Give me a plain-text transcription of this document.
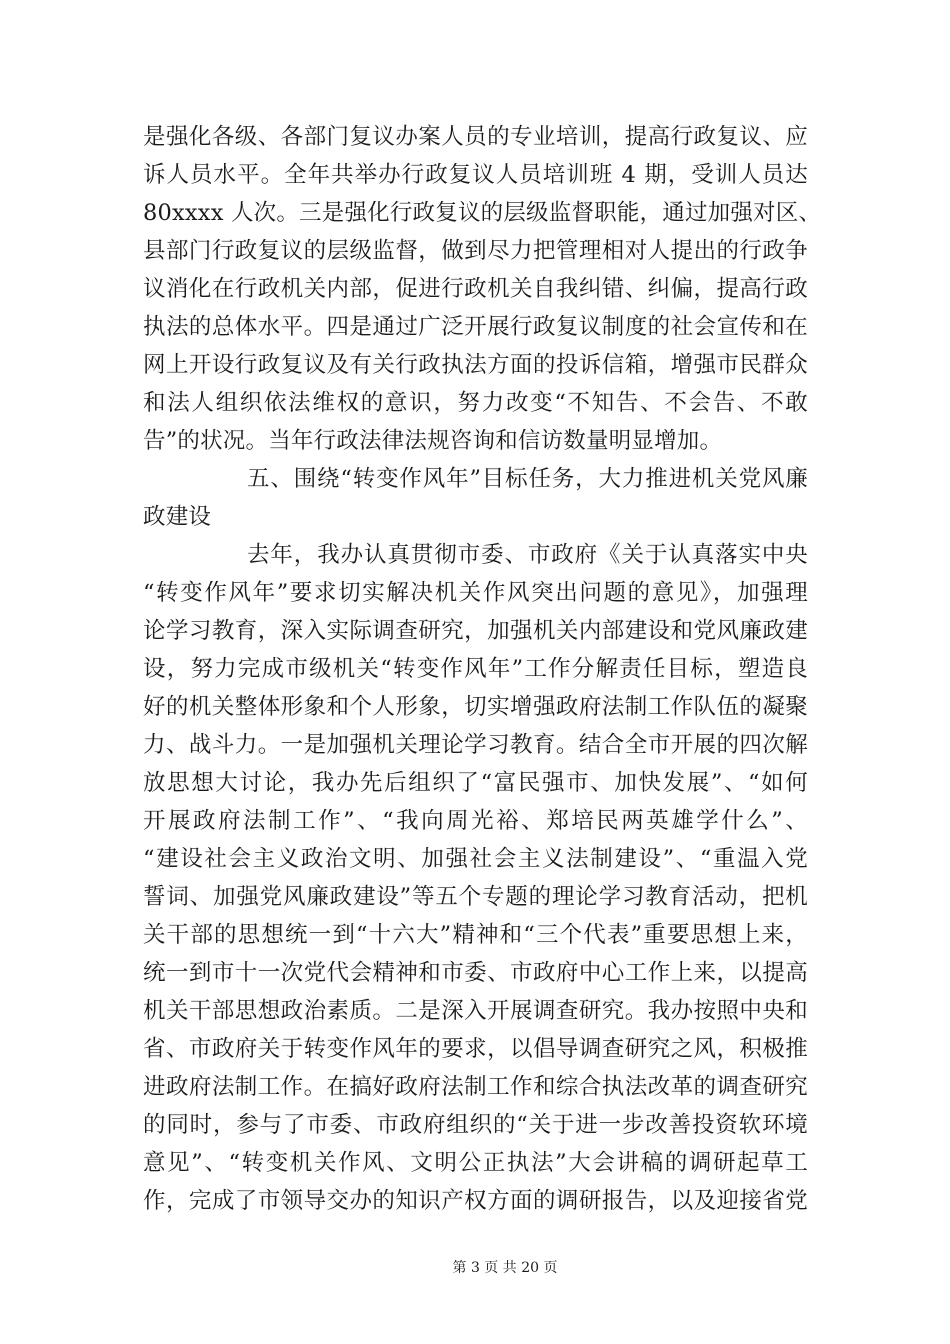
是强化各级、各部门复议办案人员的专业培训，提高行政复议、应
诉人员水平。全年共举办行政复议人员培训班 4 期，受训人员达
80xxxx 人次。三是强化行政复议的层级监督职能，通过加强对区、
县部门行政复议的层级监督，做到尽力把管理相对人提出的行政争
议消化在行政机关内部，促进行政机关自我纠错、纠偏，提高行政
执法的总体水平。四是通过广泛开展行政复议制度的社会宣传和在
网上开设行政复议及有关行政执法方面的投诉信箱，增强市民群众
和法人组织依法维权的意识，努力改变“不知告、不会告、不敢
告”的状况。当年行政法律法规咨询和信访数量明显增加。
五、围绕“转变作风年”目标任务，大力推进机关党风廉
政建设
去年，我办认真贯彻市委、市政府《关于认真落实中央
“转变作风年”要求切实解决机关作风突出问题的意见》，加强理
论学习教育，深入实际调查研究，加强机关内部建设和党风廉政建
设，努力完成市级机关“转变作风年”工作分解责任目标，塑造良
好的机关整体形象和个人形象，切实增强政府法制工作队伍的凝聚
力、战斗力。一是加强机关理论学习教育。结合全市开展的四次解
放思想大讨论，我办先后组织了“富民强市、加快发展”、“如何
开展政府法制工作”、“我向周光裕、郑培民两英雄学什么”、
“建设社会主义政治文明、加强社会主义法制建设”、“重温入党
誓词、加强党风廉政建设”等五个专题的理论学习教育活动，把机
关干部的思想统一到“十六大”精神和“三个代表”重要思想上来，
统一到市十一次党代会精神和市委、市政府中心工作上来，以提高
机关干部思想政治素质。二是深入开展调查研究。我办按照中央和
省、市政府关于转变作风年的要求，以倡导调查研究之风，积极推
进政府法制工作。在搞好政府法制工作和综合执法改革的调查研究
的同时，参与了市委、市政府组织的“关于进一步改善投资软环境
意见”、“转变机关作风、文明公正执法”大会讲稿的调研起草工
作，完成了市领导交办的知识产权方面的调研报告，以及迎接省党
第 3 页 共 20 页
